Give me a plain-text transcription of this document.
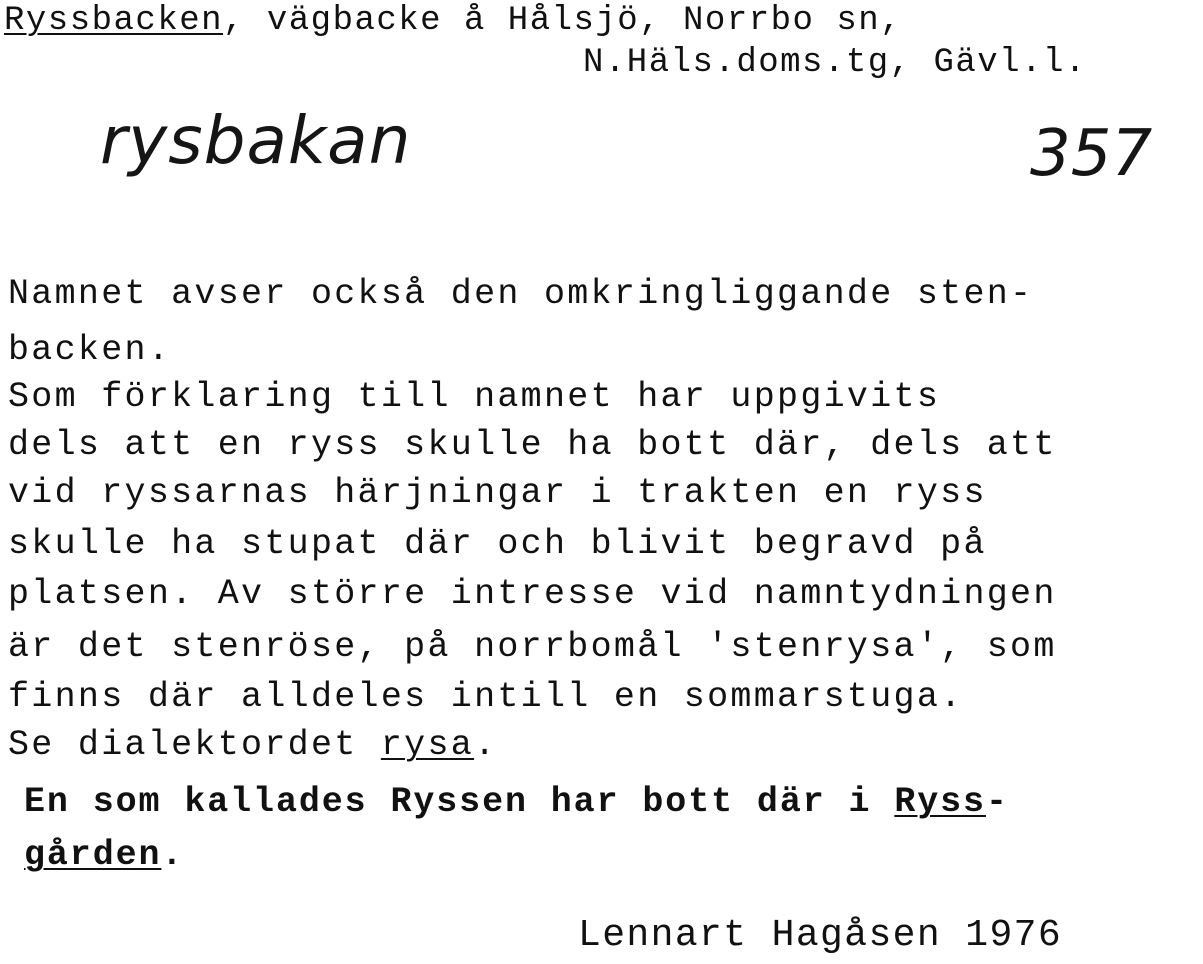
Ryssbacken, vägbacke å Hålsjö, Norrbo sn,
N.Häls.doms.tg, Gävl.l.
rysbakan	357
Namnet avser också den omkringliggande sten-
backen.
Som förklaring till namnet har uppgivits
dels att en ryss skulle ha bott där, dels att
vid ryssarnas härjningar i trakten en ryss
skulle ha stupat där och blivit begravd på
platsen. Av större intresse vid namntydningen
är det stenröse, på norrbomål 'stenrysa', som
finns där alldeles intill en sommarstuga.
Se dialektordet rysa.
En som kallades Ryssen har bott där i Ryss-
gården.
Lennart Hagåsen 1976
